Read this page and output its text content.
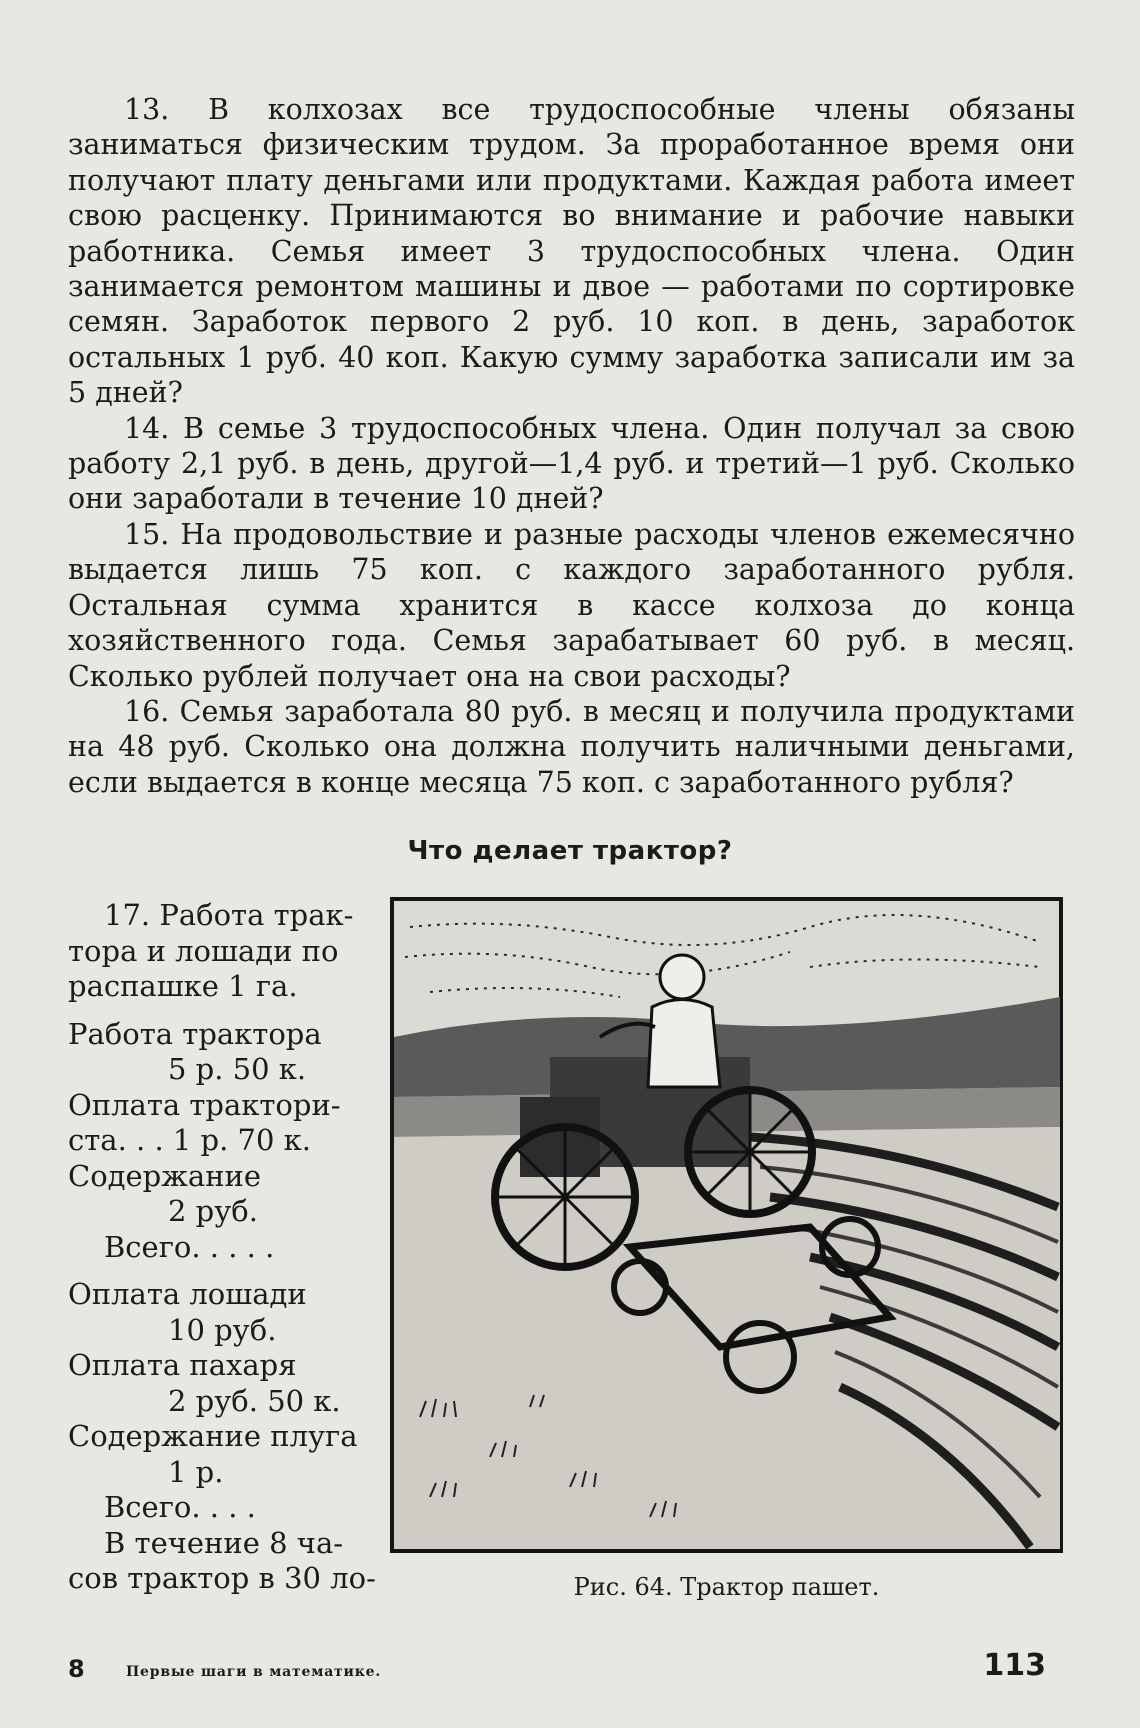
13. В колхозах все трудоспособные члены обязаны заниматься физическим трудом. За проработанное время они получают плату деньгами или продуктами. Каждая работа имеет свою расценку. Принимаются во внимание и рабочие навыки работника. Семья имеет 3 трудоспособных члена. Один занимается ремонтом машины и двое — работами по сортировке семян. Заработок первого 2 руб. 10 коп. в день, заработок остальных 1 руб. 40 коп. Какую сумму заработка записали им за 5 дней?

14. В семье 3 трудоспособных члена. Один получал за свою работу 2,1 руб. в день, другой—1,4 руб. и третий—1 руб. Сколько они заработали в течение 10 дней?

15. На продовольствие и разные расходы членов ежемесячно выдается лишь 75 коп. с каждого заработанного рубля. Остальная сумма хранится в кассе колхоза до конца хозяйственного года. Семья зарабатывает 60 руб. в месяц. Сколько рублей получает она на свои расходы?

16. Семья заработала 80 руб. в месяц и получила продуктами на 48 руб. Сколько она должна получить наличными деньгами, если выдается в конце месяца 75 коп. с заработанного рубля?

Что делает трактор?
17. Работа трак-
тора и лошади по
распашке 1 га.
Работа трактора
5 р. 50 к.
Оплата трактори-
ста. . . 1 р. 70 к.
Содержание
2 руб.
Всего. . . . .
Оплата лошади
10 руб.
Оплата пахаря
2 руб. 50 к.
Содержание плуга
1 р.
Всего. . . .
В течение 8 ча-
сов трактор в 30 ло-	Рис. 64. Трактор пашет.
8	Первые шаги в математике.	113
